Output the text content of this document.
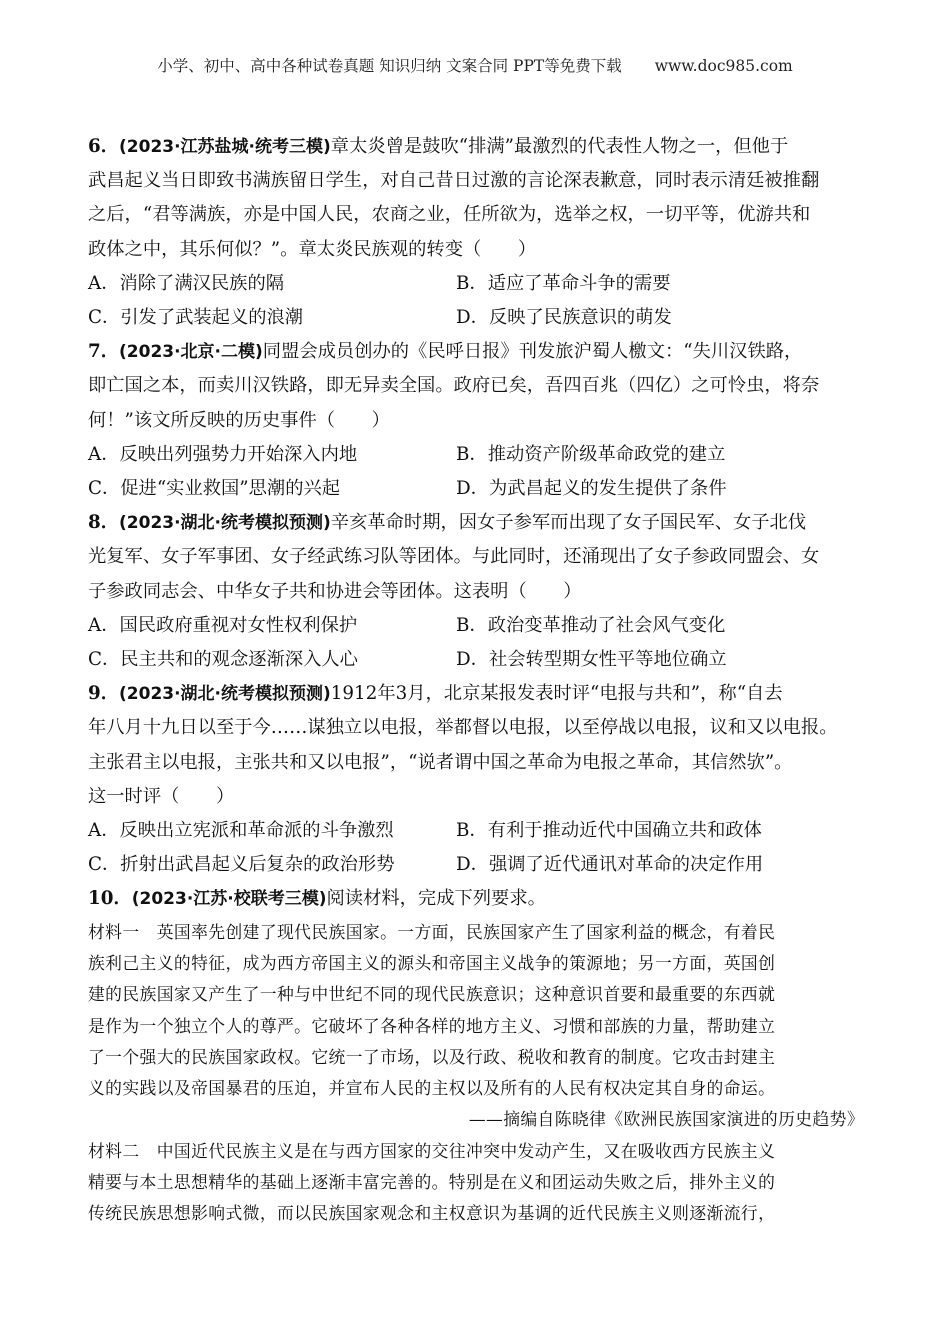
小学、初中、高中各种试卷真题 知识归纳 文案合同 PPT等免费下载 www.doc985.com
6．(2023·江苏盐城·统考三模)章太炎曾是鼓吹“排满”最激烈的代表性人物之一，但他于
武昌起义当日即致书满族留日学生，对自己昔日过激的言论深表歉意，同时表示清廷被推翻
之后，“君等满族，亦是中国人民，农商之业，任所欲为，选举之权，一切平等，优游共和
政体之中，其乐何似？”。章太炎民族观的转变（　　）
A．消除了满汉民族的隔	B．适应了革命斗争的需要
C．引发了武装起义的浪潮	D．反映了民族意识的萌发
7．(2023·北京·二模)同盟会成员创办的《民呼日报》刊发旅沪蜀人檄文：“失川汉铁路，
即亡国之本，而卖川汉铁路，即无异卖全国。政府已矣，吾四百兆（四亿）之可怜虫，将奈
何！”该文所反映的历史事件（　　）
A．反映出列强势力开始深入内地	B．推动资产阶级革命政党的建立
C．促进“实业救国”思潮的兴起	D．为武昌起义的发生提供了条件
8．(2023·湖北·统考模拟预测)辛亥革命时期，因女子参军而出现了女子国民军、女子北伐
光复军、女子军事团、女子经武练习队等团体。与此同时，还涌现出了女子参政同盟会、女
子参政同志会、中华女子共和协进会等团体。这表明（　　）
A．国民政府重视对女性权利保护	B．政治变革推动了社会风气变化
C．民主共和的观念逐渐深入人心	D．社会转型期女性平等地位确立
9．(2023·湖北·统考模拟预测)1912年3月，北京某报发表时评“电报与共和”，称“自去
年八月十九日以至于今……谋独立以电报，举都督以电报，以至停战以电报，议和又以电报。
主张君主以电报，主张共和又以电报”，“说者谓中国之革命为电报之革命，其信然欤”。
这一时评（　　）
A．反映出立宪派和革命派的斗争激烈	B．有利于推动近代中国确立共和政体
C．折射出武昌起义后复杂的政治形势	D．强调了近代通讯对革命的决定作用
10．(2023·江苏·校联考三模)阅读材料，完成下列要求。
材料一　英国率先创建了现代民族国家。一方面，民族国家产生了国家利益的概念，有着民
族利己主义的特征，成为西方帝国主义的源头和帝国主义战争的策源地；另一方面，英国创
建的民族国家又产生了一种与中世纪不同的现代民族意识；这种意识首要和最重要的东西就
是作为一个独立个人的尊严。它破坏了各种各样的地方主义、习惯和部族的力量，帮助建立
了一个强大的民族国家政权。它统一了市场，以及行政、税收和教育的制度。它攻击封建主
义的实践以及帝国暴君的压迫，并宣布人民的主权以及所有的人民有权决定其自身的命运。
——摘编自陈晓律《欧洲民族国家演进的历史趋势》
材料二　中国近代民族主义是在与西方国家的交往冲突中发动产生，又在吸收西方民族主义
精要与本土思想精华的基础上逐渐丰富完善的。特别是在义和团运动失败之后，排外主义的
传统民族思想影响式微，而以民族国家观念和主权意识为基调的近代民族主义则逐渐流行，
